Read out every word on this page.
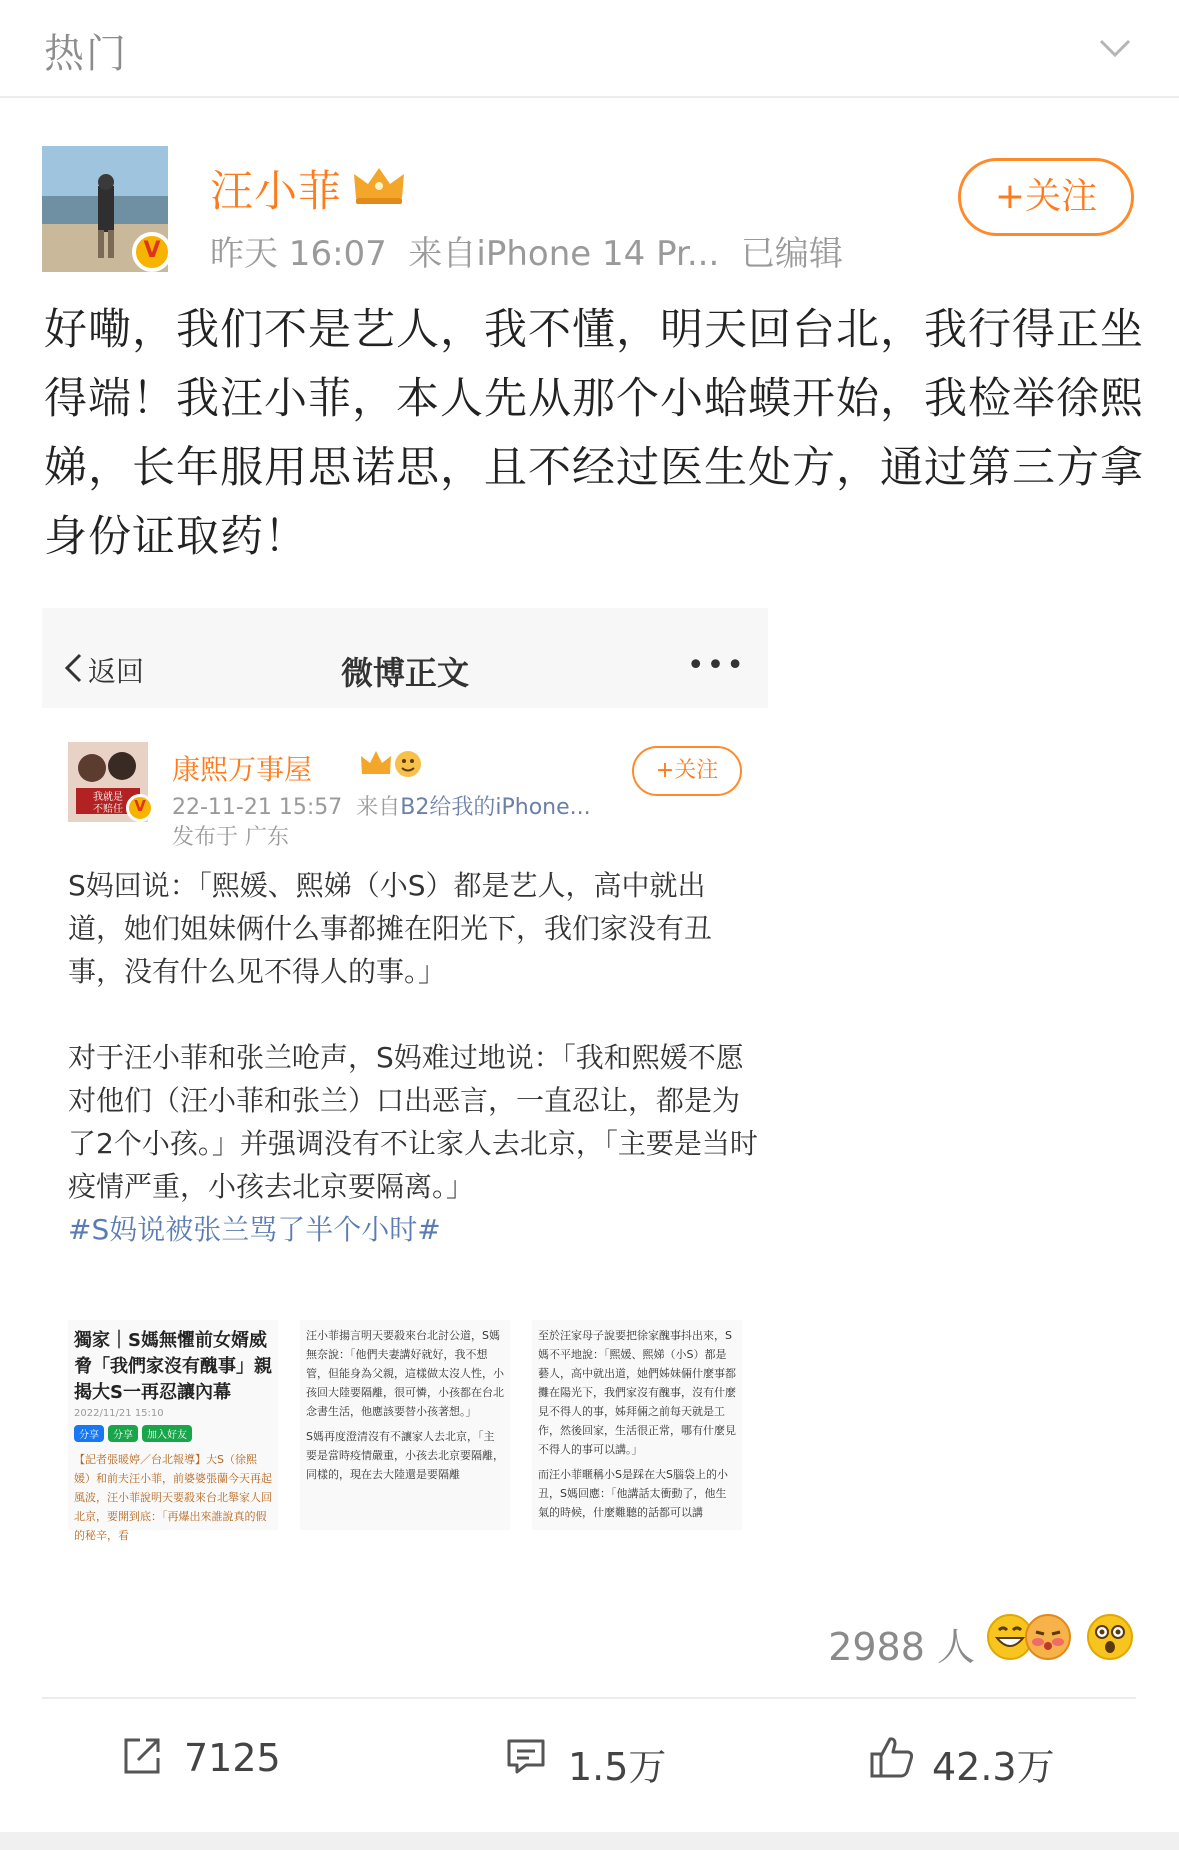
热门
V
汪小菲
昨天 16:07 来自iPhone 14 Pr... 已编辑
+关注
好嘞，我们不是艺人，我不懂，明天回台北，我行得正坐得端！我汪小菲，本人先从那个小蛤蟆开始，我检举徐熙娣，长年服用思诺思，且不经过医生处方，通过第三方拿身份证取药！
返回	微博正文	•••
我就是
不赔任 V
康熙万事屋
22-11-21 15:57 来自B2给我的iPhone...
发布于 广东
+关注

S妈回说：「熙媛、熙娣（小S）都是艺人，高中就出道，她们姐妹俩什么事都摊在阳光下，我们家没有丑事，没有什么见不得人的事。」

对于汪小菲和张兰呛声，S妈难过地说：「我和熙媛不愿对他们（汪小菲和张兰）口出恶言，一直忍让，都是为了2个小孩。」并强调没有不让家人去北京，「主要是当时疫情严重，小孩去北京要隔离。」
#S妈说被张兰骂了半个小时#
獨家｜S媽無懼前女婿威脅「我們家沒有醜事」親揭大S一再忍讓內幕
2022/11/21 15:10
分享 分享 加入好友
【記者張暖婷／台北報導】大S（徐熙媛）和前夫汪小菲，前婆婆張蘭今天再起風波，汪小菲說明天要殺來台北舉家人回北京，要開到底：「再爆出來誰說真的假的秘辛，看
汪小菲揚言明天要殺來台北討公道，S媽無奈說：「他們夫妻講好就好，我不想管，但能身為父親，這樣做太沒人性，小孩回大陸要隔離，很可憐，小孩都在台北念書生活，他應該要替小孩著想。」
S媽再度澄清沒有不讓家人去北京，「主要是當時疫情嚴重，小孩去北京要隔離，同樣的，現在去大陸還是要隔離
至於汪家母子說要把徐家醜事抖出來，S媽不平地說：「熙媛、熙娣（小S）都是藝人，高中就出道，她們姊妹倆什麼事都攤在陽光下，我們家沒有醜事，沒有什麼見不得人的事，姊拜倆之前每天就是工作，然後回家，生活很正常，哪有什麼見不得人的事可以講。」
而汪小菲暱稱小S是踩在大S腦袋上的小丑，S媽回應：「他講話太衝動了，他生氣的時候，什麼難聽的話都可以講
2988 人
7125	1.5万	42.3万
